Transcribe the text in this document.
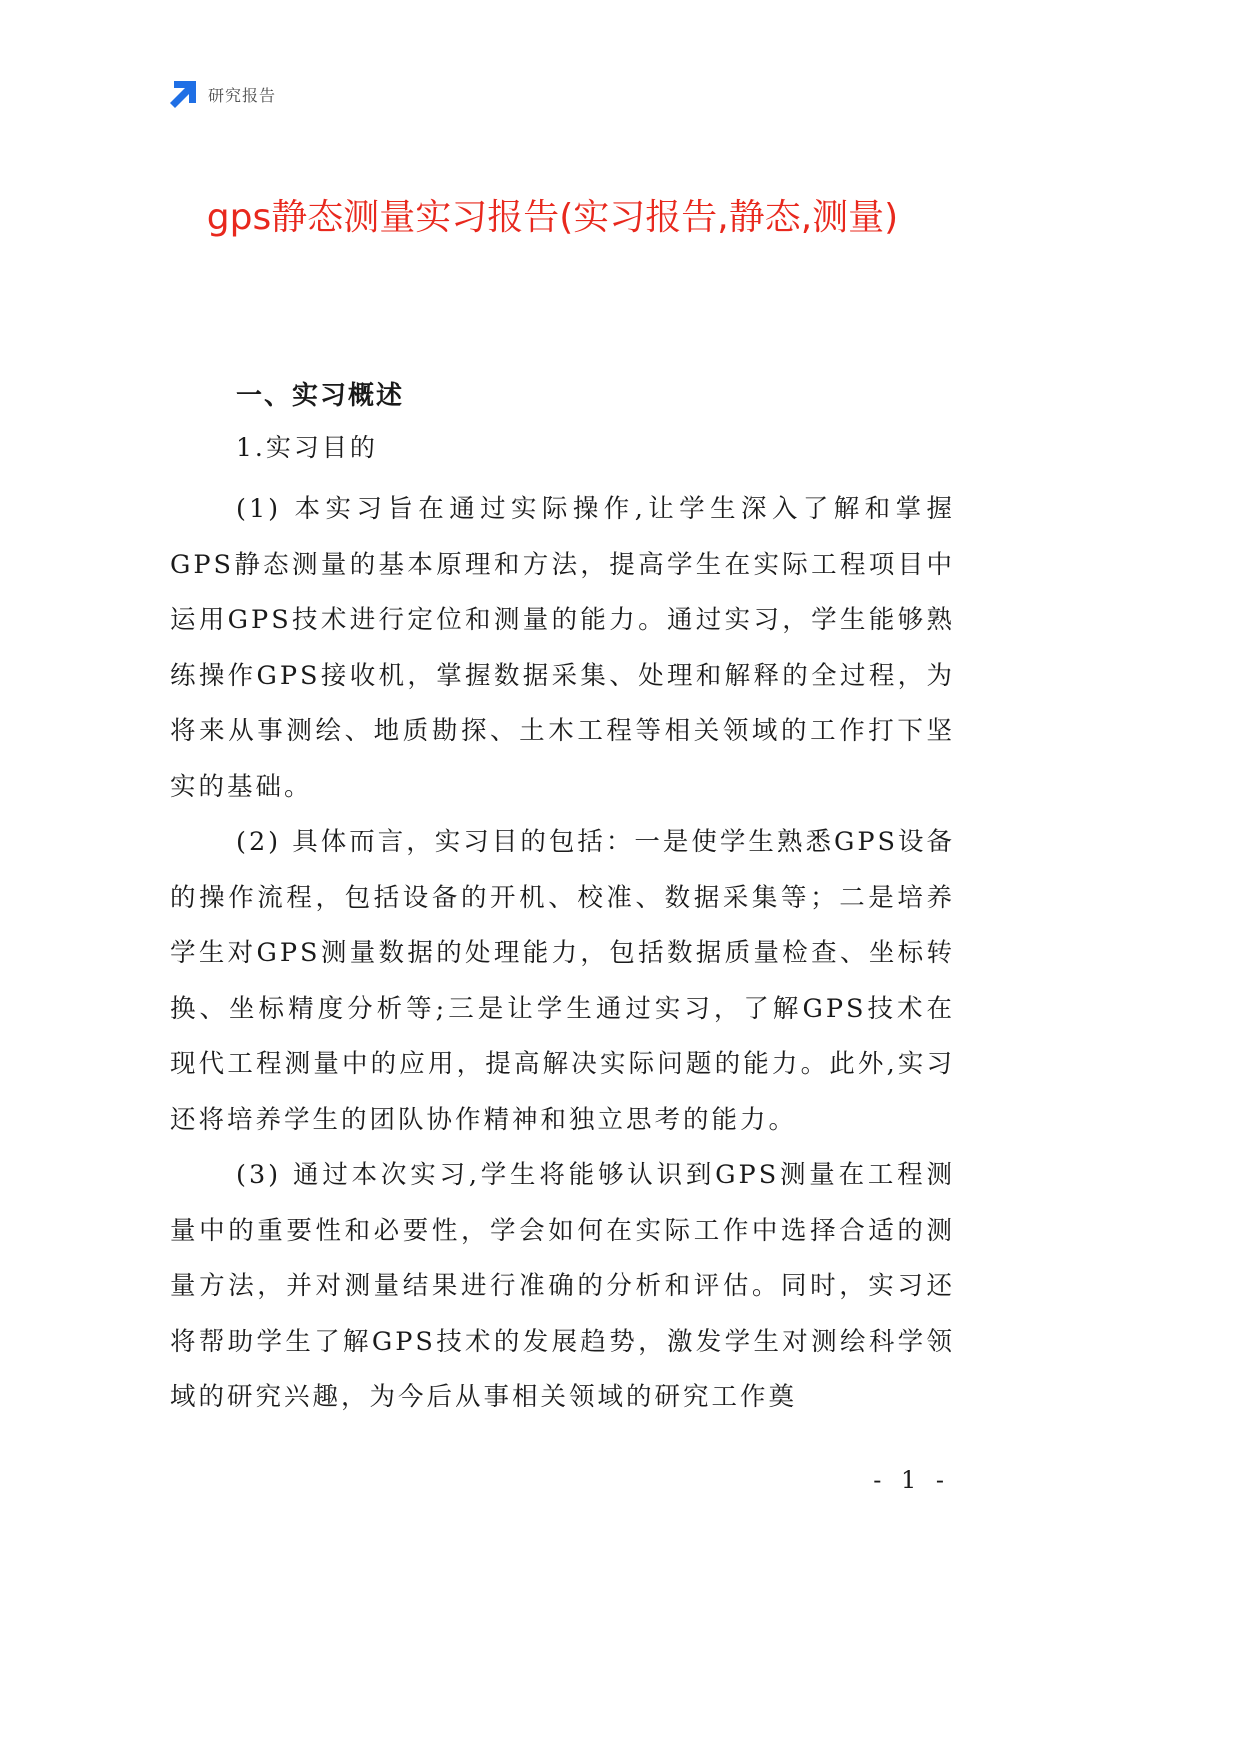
研究报告
gps静态测量实习报告(实习报告,静态,测量)
一、实习概述
1.实习目的

(1) 本实习旨在通过实际操作,让学生深入了解和掌握GPS静态测量的基本原理和方法，提高学生在实际工程项目中运用GPS技术进行定位和测量的能力。通过实习，学生能够熟练操作GPS接收机，掌握数据采集、处理和解释的全过程，为将来从事测绘、地质勘探、土木工程等相关领域的工作打下坚实的基础。

(2) 具体而言，实习目的包括：一是使学生熟悉GPS设备的操作流程，包括设备的开机、校准、数据采集等；二是培养学生对GPS测量数据的处理能力，包括数据质量检查、坐标转换、坐标精度分析等;三是让学生通过实习，了解GPS技术在现代工程测量中的应用，提高解决实际问题的能力。此外,实习还将培养学生的团队协作精神和独立思考的能力。

(3) 通过本次实习,学生将能够认识到GPS测量在工程测量中的重要性和必要性，学会如何在实际工作中选择合适的测量方法，并对测量结果进行准确的分析和评估。同时，实习还将帮助学生了解GPS技术的发展趋势，激发学生对测绘科学领域的研究兴趣，为今后从事相关领域的研究工作奠

- 1 -
